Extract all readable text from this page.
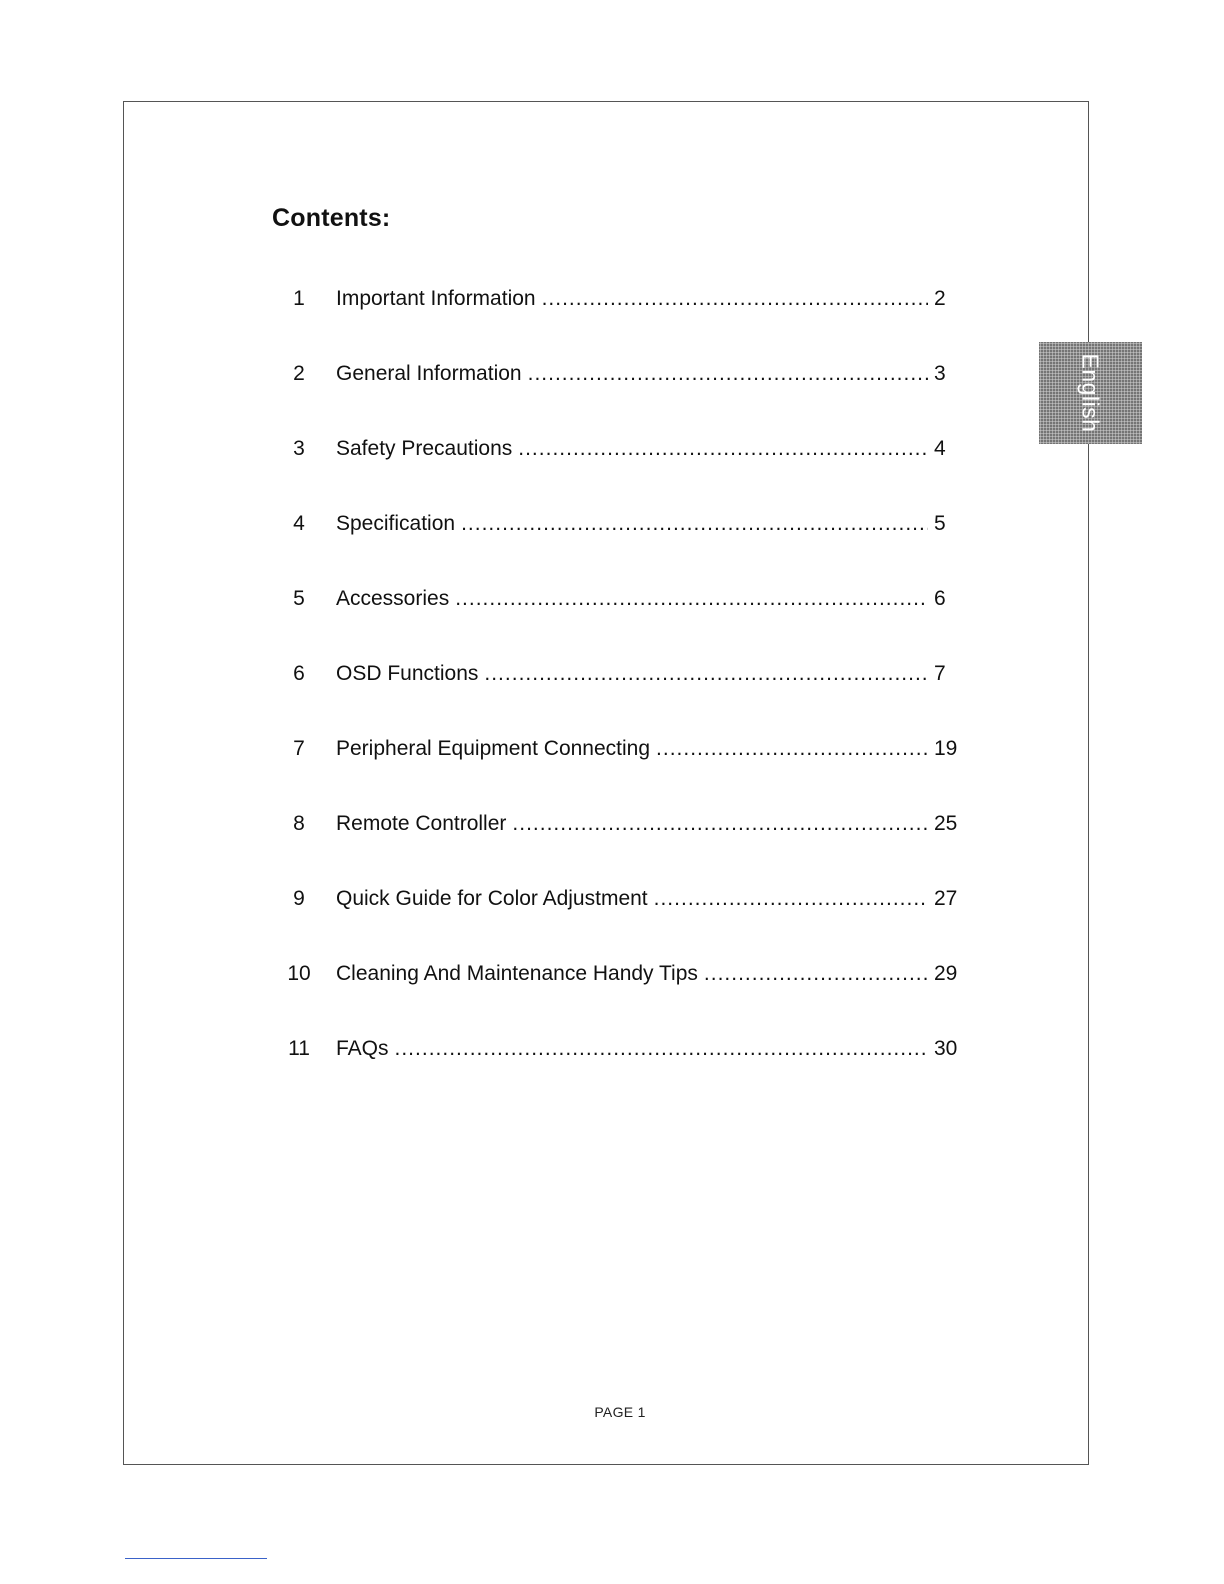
Contents:
1	Important Information .....	2
2	General Information .....	3
3	Safety Precautions .....	4
4	Specification .....	5
5	Accessories .....	6
6	OSD Functions .....	7
7	Peripheral Equipment Connecting .....	19
8	Remote Controller .....	25
9	Quick Guide for Color Adjustment .....	27
10	Cleaning And Maintenance Handy Tips .....	29
11	FAQs .....	30
English
PAGE 1
